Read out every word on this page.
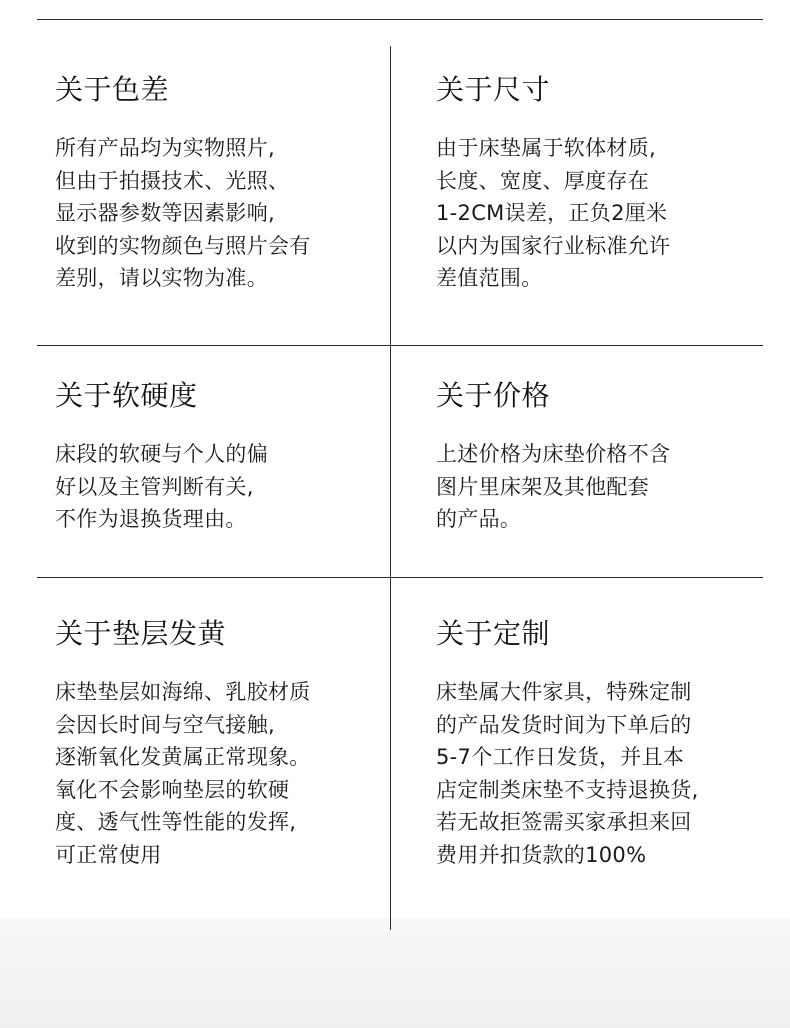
关于色差
所有产品均为实物照片,
但由于拍摄技术、光照、
显示器参数等因素影响,
收到的实物颜色与照片会有
差别，请以实物为准。
关于尺寸
由于床垫属于软体材质,
长度、宽度、厚度存在
1-2CM误差，正负2厘米
以内为国家行业标准允许
差值范围。
关于软硬度
床段的软硬与个人的偏
好以及主管判断有关,
不作为退换货理由。
关于价格
上述价格为床垫价格不含
图片里床架及其他配套
的产品。
关于垫层发黄
床垫垫层如海绵、乳胶材质
会因长时间与空气接触,
逐渐氧化发黄属正常现象。
氧化不会影响垫层的软硬
度、透气性等性能的发挥,
可正常使用
关于定制
床垫属大件家具，特殊定制
的产品发货时间为下单后的
5-7个工作日发货，并且本
店定制类床垫不支持退换货,
若无故拒签需买家承担来回
费用并扣货款的100%
